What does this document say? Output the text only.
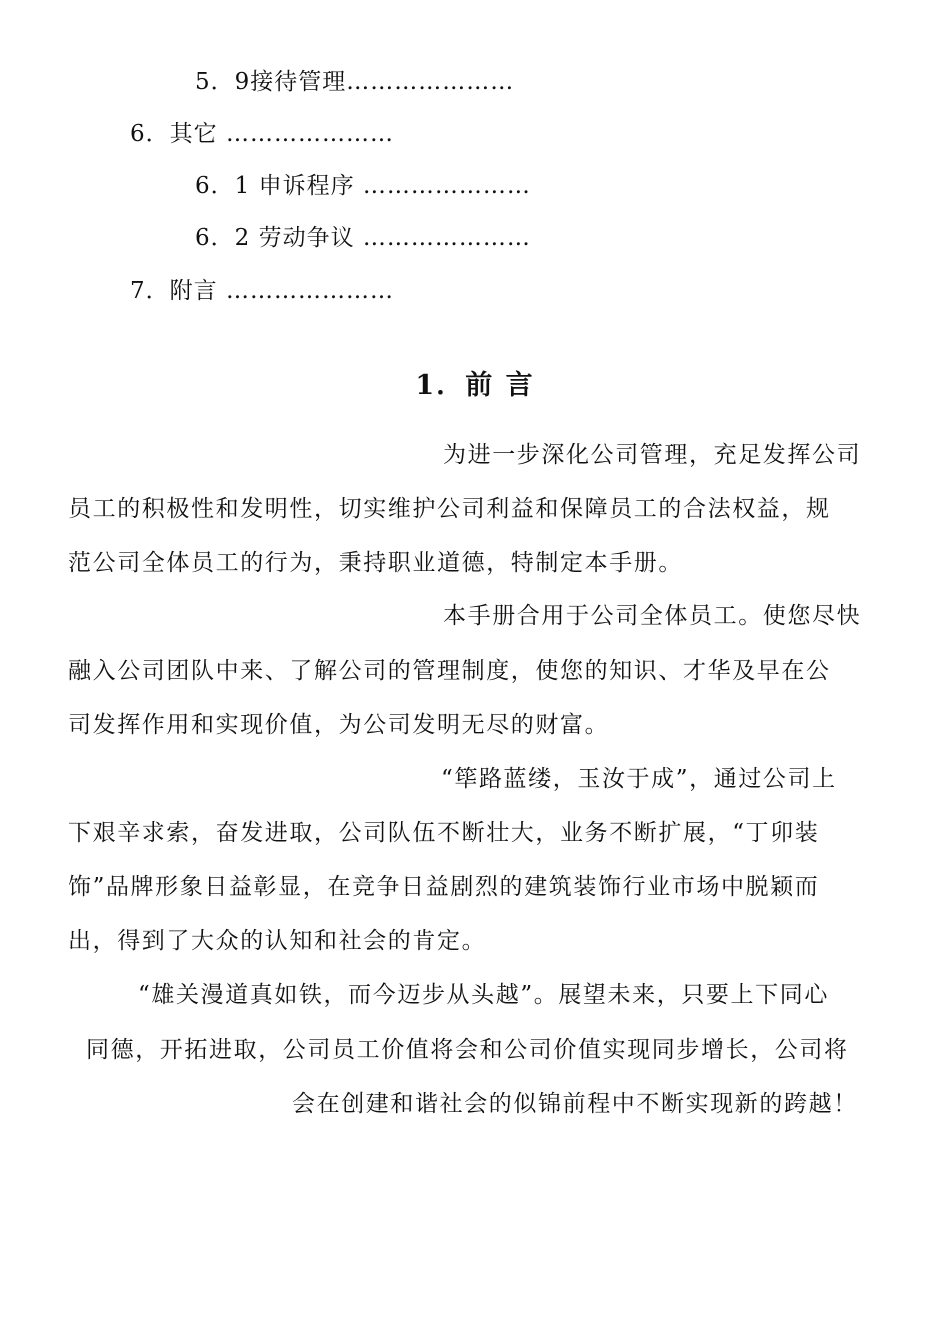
5．9接待管理…………………
6．其它 …………………
6．1 申诉程序 …………………
6．2 劳动争议 …………………
7．附言 …………………
1．前 言
为进一步深化公司管理，充足发挥公司
员工的积极性和发明性，切实维护公司利益和保障员工的合法权益，规
范公司全体员工的行为，秉持职业道德，特制定本手册。
本手册合用于公司全体员工。使您尽快
融入公司团队中来、了解公司的管理制度，使您的知识、才华及早在公
司发挥作用和实现价值，为公司发明无尽的财富。
“筚路蓝缕，玉汝于成”，通过公司上
下艰辛求索，奋发进取，公司队伍不断壮大，业务不断扩展，“丁卯装
饰”品牌形象日益彰显，在竞争日益剧烈的建筑装饰行业市场中脱颖而
出，得到了大众的认知和社会的肯定。
“雄关漫道真如铁，而今迈步从头越”。展望未来，只要上下同心
同德，开拓进取，公司员工价值将会和公司价值实现同步增长，公司将
会在创建和谐社会的似锦前程中不断实现新的跨越！
